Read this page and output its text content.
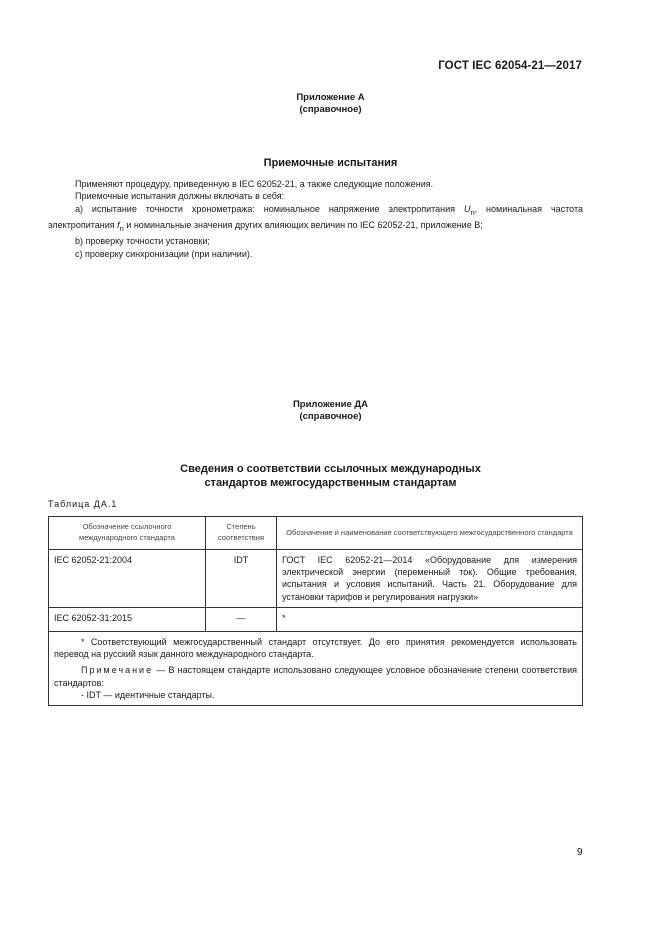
ГОСТ IEC 62054-21—2017
Приложение А
(справочное)
Приемочные испытания

Применяют процедуру, приведенную в IEC 62052-21, а также следующие положения.

Приемочные испытания должны включать в себя:

a) испытание точности хронометража: номинальное напряжение электропитания $U_n$, номинальная частота электропитания $f_n$ и номинальные значения других влияющих величин по IEC 62052-21, приложение В;

b) проверку точности установки;

c) проверку синхронизации (при наличии).

Приложение ДА
(справочное)
Сведения о соответствии ссылочных международных
стандартов межгосударственным стандартам
Таблица ДА.1
Обозначение ссылочного международного стандарта	Степень соответствия	Обозначение и наименование соответствующего межгосударственного стандарта
IEC 62052-21:2004	IDT	ГОСТ IEC 62052-21—2014 «Оборудование для измерения электрической энергии (переменный ток). Общие требования, испытания и условия испытаний. Часть 21. Оборудование для установки тарифов и регулирования нагрузки»
IEC 62052-31:2015	—	*

* Соответствующий межгосударственный стандарт отсутствует. До его принятия рекомендуется использовать перевод на русский язык данного международного стандарта.

Примечание — В настоящем стандарте использовано следующее условное обозначение степени соответствия стандартов:

- IDT — идентичные стандарты.		

9
